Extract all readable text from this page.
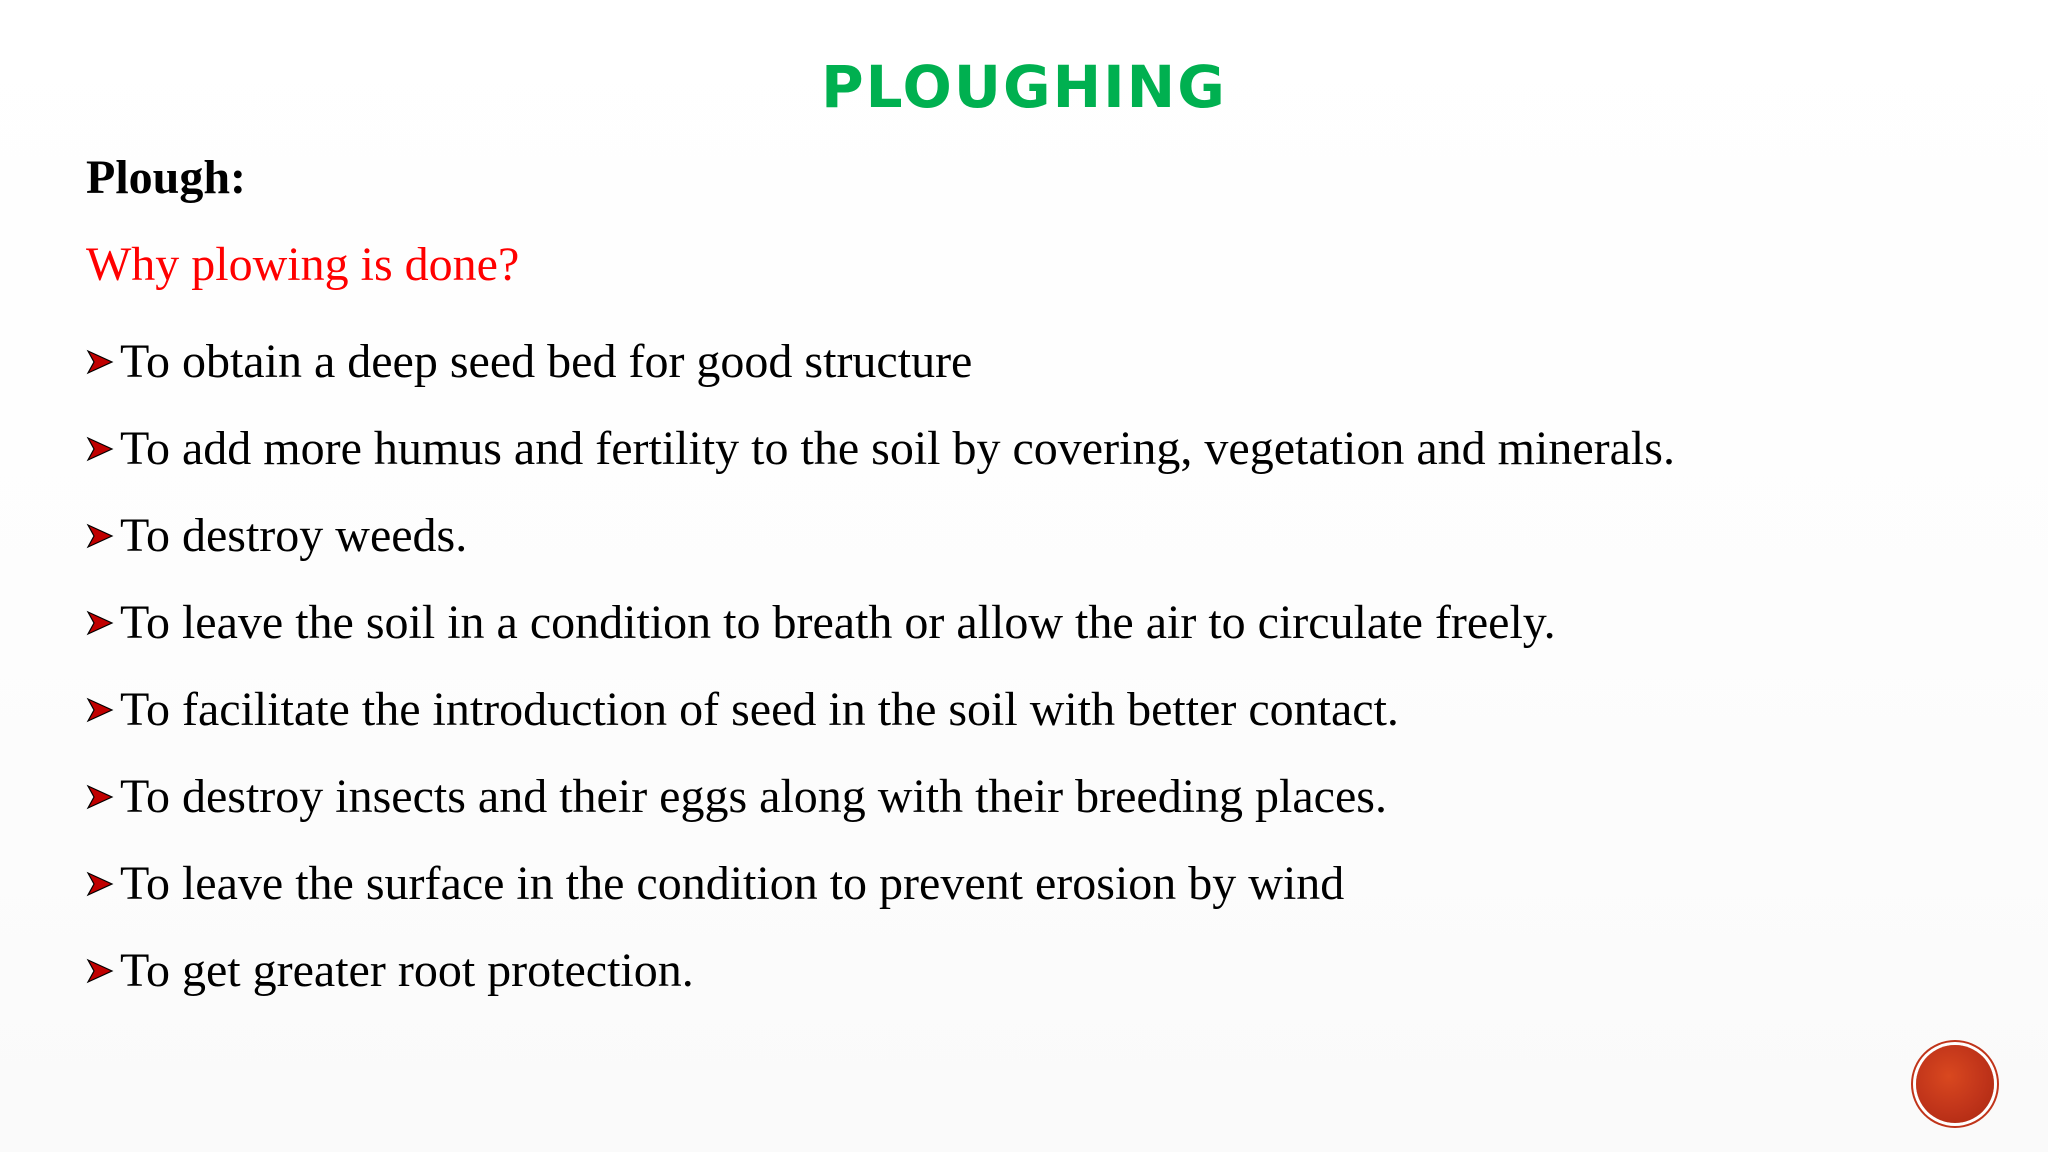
PLOUGHING
Plough:
Why plowing is done?
To obtain a deep seed bed for good structure
To add more humus and fertility to the soil by covering, vegetation and minerals.
To destroy weeds.
To leave the soil in a condition to breath or allow the air to circulate freely.
To facilitate the introduction of seed in the soil with better contact.
To destroy insects and their eggs along with their breeding places.
To leave the surface in the condition to prevent erosion by wind
To get greater root protection.
